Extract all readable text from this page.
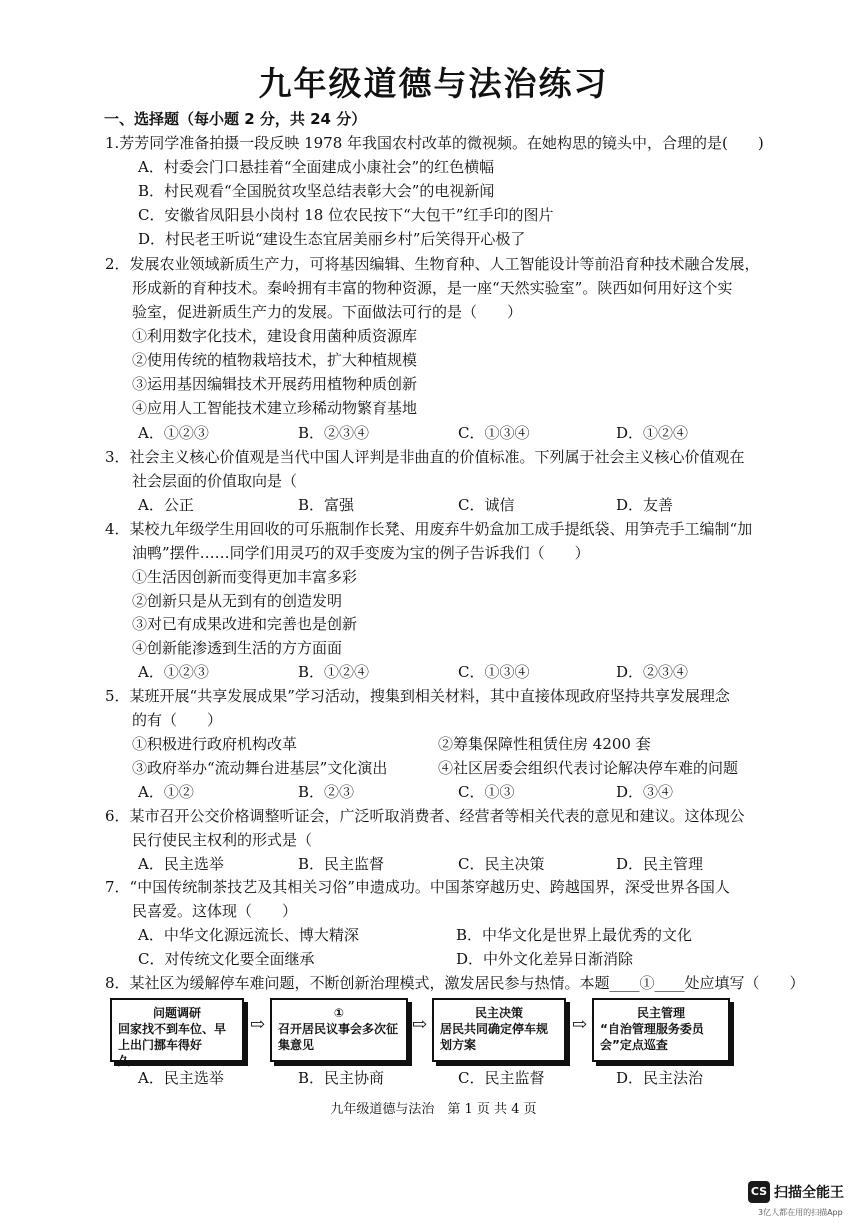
九年级道德与法治练习
一、选择题（每小题 2 分，共 24 分）
1.芳芳同学准备拍摄一段反映 1978 年我国农村改革的微视频。在她构思的镜头中，合理的是(　　)
A．村委会门口悬挂着“全面建成小康社会”的红色横幅
B．村民观看“全国脱贫攻坚总结表彰大会”的电视新闻
C．安徽省凤阳县小岗村 18 位农民按下“大包干”红手印的图片
D．村民老王听说“建设生态宜居美丽乡村”后笑得开心极了
2．发展农业领域新质生产力，可将基因编辑、生物育种、人工智能设计等前沿育种技术融合发展，
形成新的育种技术。秦岭拥有丰富的物种资源，是一座“天然实验室”。陕西如何用好这个实
验室，促进新质生产力的发展。下面做法可行的是（　　）
①利用数字化技术，建设食用菌种质资源库
②使用传统的植物栽培技术，扩大种植规模
③运用基因编辑技术开展药用植物种质创新
④应用人工智能技术建立珍稀动物繁育基地
A．①②③	B．②③④	C．①③④	D．①②④
3．社会主义核心价值观是当代中国人评判是非曲直的价值标准。下列属于社会主义核心价值观在
社会层面的价值取向是（
A．公正	B．富强	C．诚信	D．友善
4．某校九年级学生用回收的可乐瓶制作长凳、用废弃牛奶盒加工成手提纸袋、用笋壳手工编制“加
油鸭”摆件……同学们用灵巧的双手变废为宝的例子告诉我们（　　）
①生活因创新而变得更加丰富多彩
②创新只是从无到有的创造发明
③对已有成果改进和完善也是创新
④创新能渗透到生活的方方面面
A．①②③	B．①②④	C．①③④	D．②③④
5．某班开展“共享发展成果”学习活动，搜集到相关材料，其中直接体现政府坚持共享发展理念
的有（　　）
①积极进行政府机构改革	②筹集保障性租赁住房 4200 套
③政府举办“流动舞台进基层”文化演出	④社区居委会组织代表讨论解决停车难的问题
A．①②	B．②③	C．①③	D．③④
6．某市召开公交价格调整听证会，广泛听取消费者、经营者等相关代表的意见和建议。这体现公
民行使民主权利的形式是（
A．民主选举	B．民主监督	C．民主决策	D．民主管理
7．“中国传统制茶技艺及其相关习俗”申遗成功。中国茶穿越历史、跨越国界，深受世界各国人
民喜爱。这体现（　　）
A．中华文化源远流长、博大精深	B．中华文化是世界上最优秀的文化
C．对传统文化要全面继承	D．中外文化差异日渐消除
8．某社区为缓解停车难问题，不断创新治理模式，激发居民参与热情。本题____①____处应填写（　　）
问题调研
回家找不到车位、早上出门挪车得好久……
⇨
①
召开居民议事会多次征集意见
⇨
民主决策
居民共同确定停车规划方案
⇨
民主管理
“自治管理服务委员会”定点巡查
A．民主选举	B．民主协商	C．民主监督	D．民主法治
九年级道德与法治　第 1 页 共 4 页
CS 扫描全能王
3亿人都在用的扫描App
